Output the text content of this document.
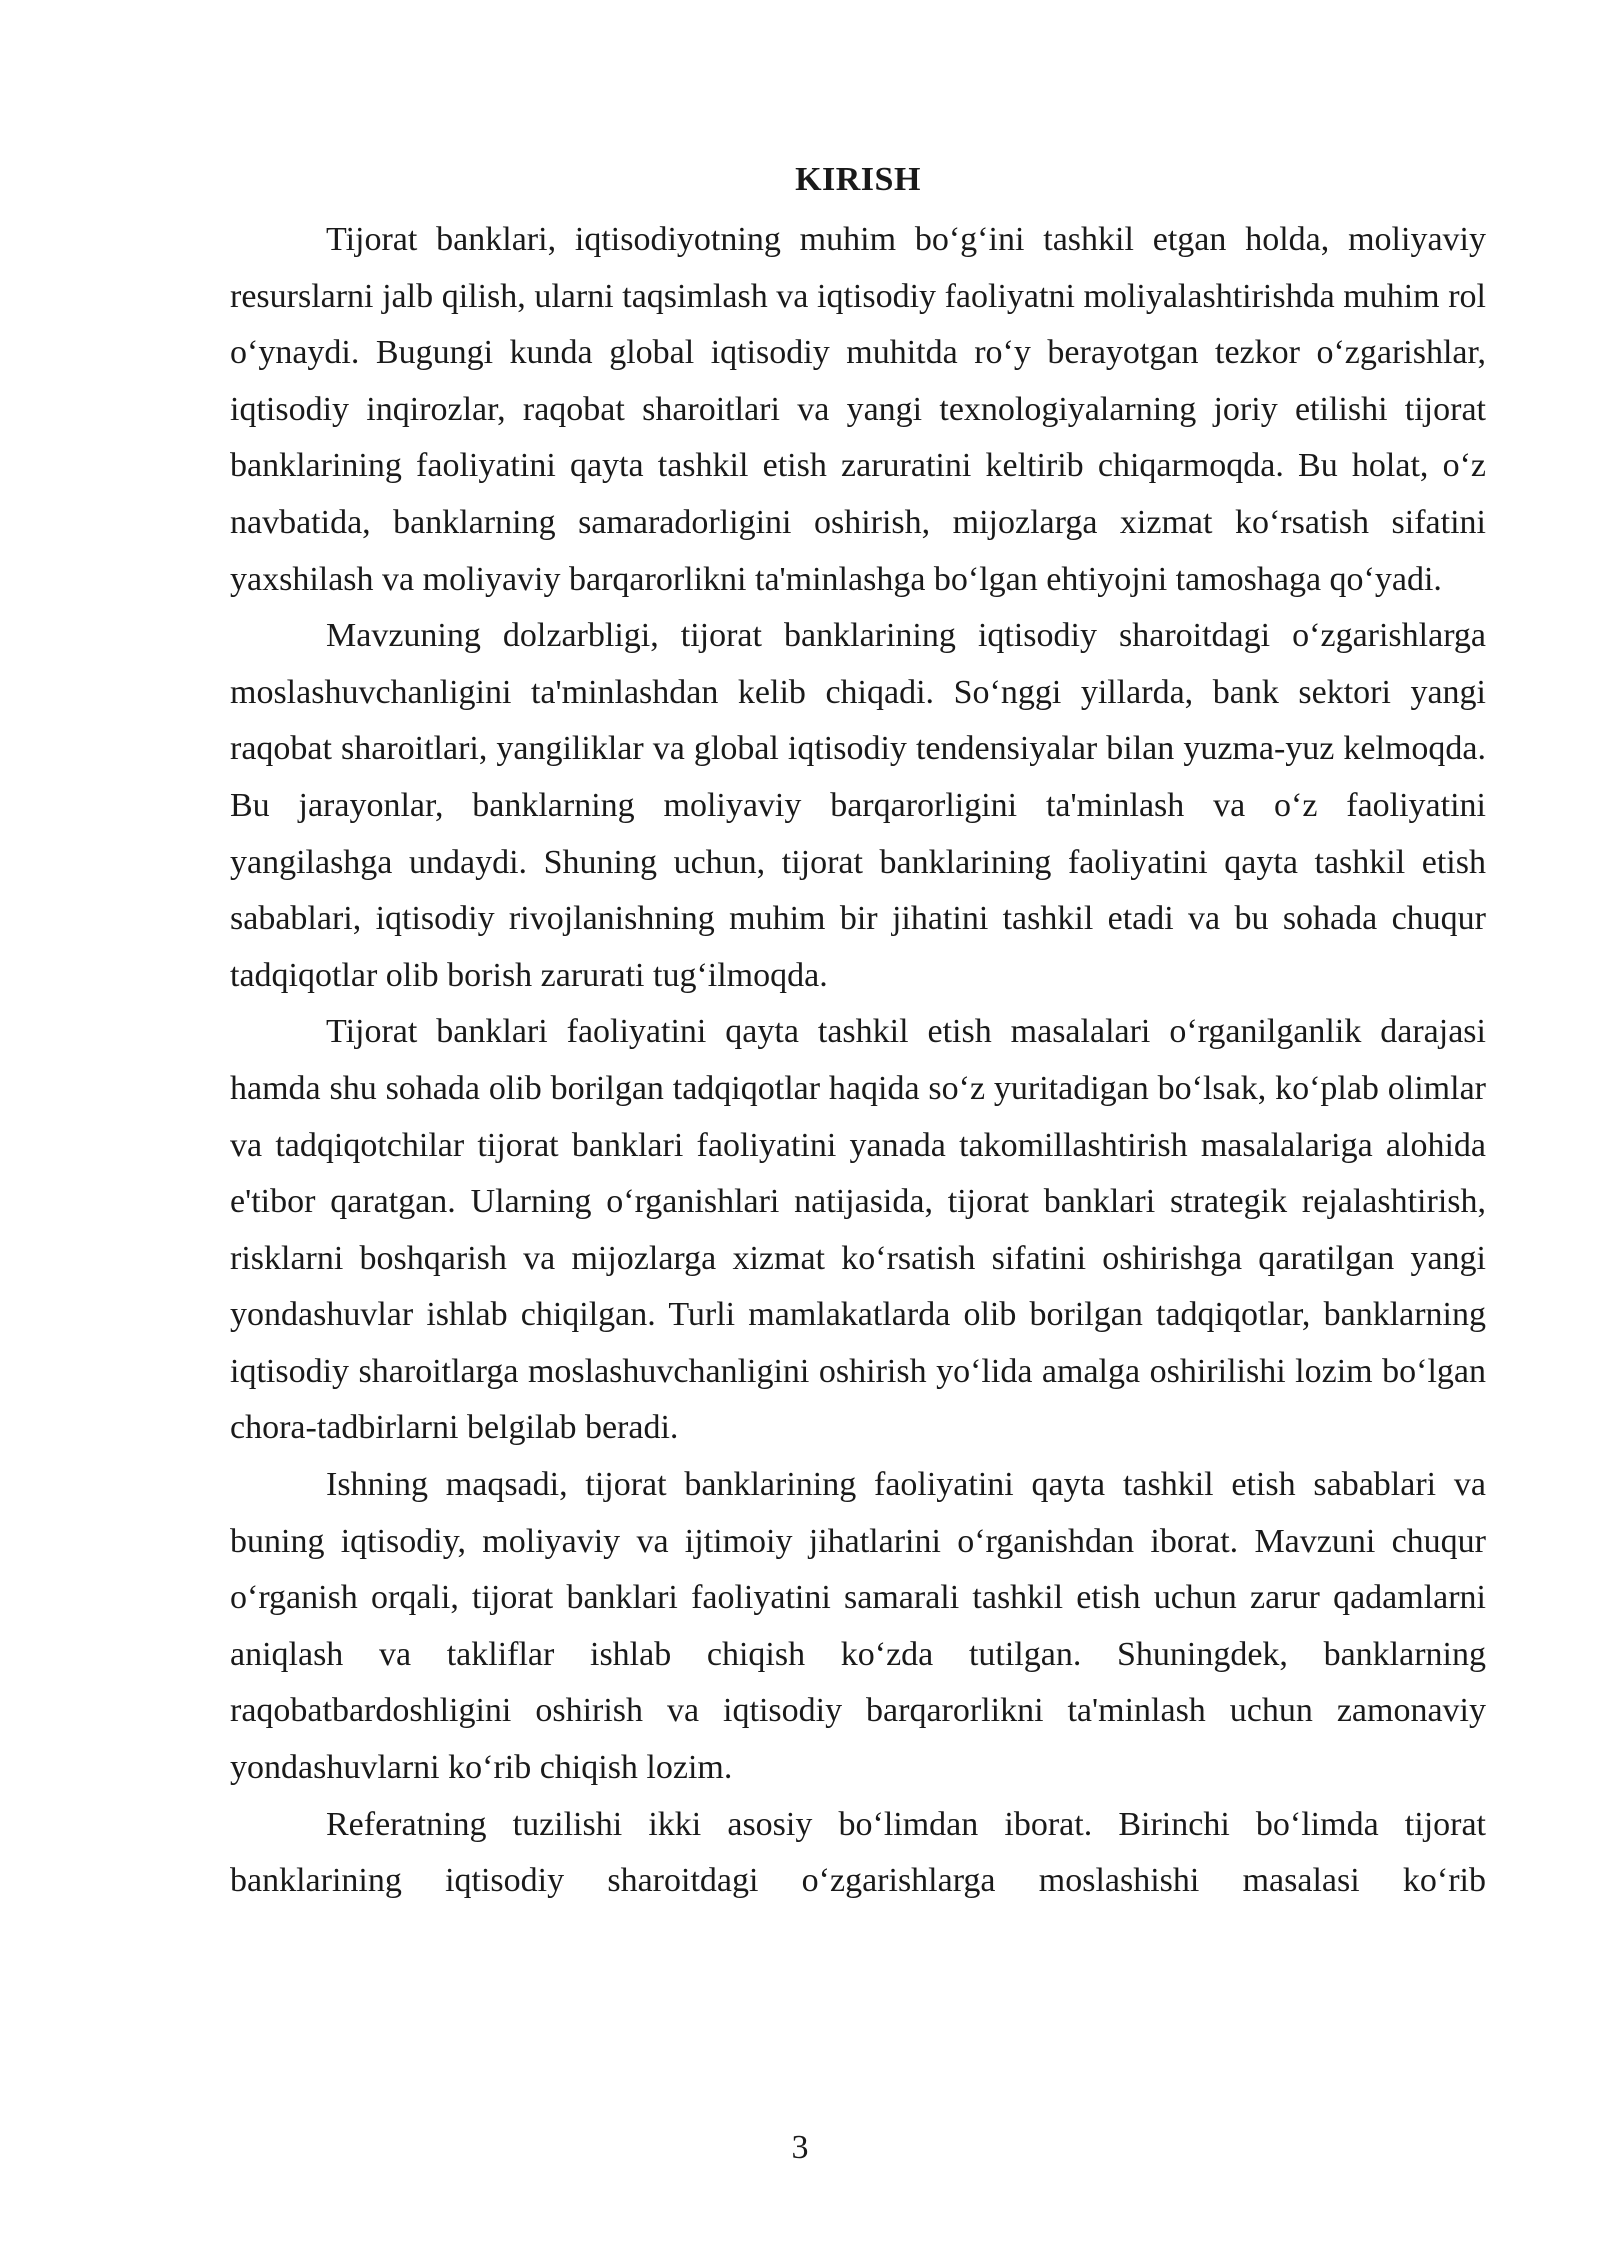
KIRISH

Tijorat banklari, iqtisodiyotning muhim bo‘g‘ini tashkil etgan holda, moliyaviy resurslarni jalb qilish, ularni taqsimlash va iqtisodiy faoliyatni moliyalashtirishda muhim rol o‘ynaydi. Bugungi kunda global iqtisodiy muhitda ro‘y berayotgan tezkor o‘zgarishlar, iqtisodiy inqirozlar, raqobat sharoitlari va yangi texnologiyalarning joriy etilishi tijorat banklarining faoliyatini qayta tashkil etish zaruratini keltirib chiqarmoqda. Bu holat, o‘z navbatida, banklarning samaradorligini oshirish, mijozlarga xizmat ko‘rsatish sifatini yaxshilash va moliyaviy barqarorlikni ta'minlashga bo‘lgan ehtiyojni tamoshaga qo‘yadi.

Mavzuning dolzarbligi, tijorat banklarining iqtisodiy sharoitdagi o‘zgarishlarga moslashuvchanligini ta'minlashdan kelib chiqadi. So‘nggi yillarda, bank sektori yangi raqobat sharoitlari, yangiliklar va global iqtisodiy tendensiyalar bilan yuzma-yuz kelmoqda. Bu jarayonlar, banklarning moliyaviy barqarorligini ta'minlash va o‘z faoliyatini yangilashga undaydi. Shuning uchun, tijorat banklarining faoliyatini qayta tashkil etish sabablari, iqtisodiy rivojlanishning muhim bir jihatini tashkil etadi va bu sohada chuqur tadqiqotlar olib borish zarurati tug‘ilmoqda.

Tijorat banklari faoliyatini qayta tashkil etish masalalari o‘rganilganlik darajasi hamda shu sohada olib borilgan tadqiqotlar haqida so‘z yuritadigan bo‘lsak, ko‘plab olimlar va tadqiqotchilar tijorat banklari faoliyatini yanada takomillashtirish masalalariga alohida e'tibor qaratgan. Ularning o‘rganishlari natijasida, tijorat banklari strategik rejalashtirish, risklarni boshqarish va mijozlarga xizmat ko‘rsatish sifatini oshirishga qaratilgan yangi yondashuvlar ishlab chiqilgan. Turli mamlakatlarda olib borilgan tadqiqotlar, banklarning iqtisodiy sharoitlarga moslashuvchanligini oshirish yo‘lida amalga oshirilishi lozim bo‘lgan chora-tadbirlarni belgilab beradi.

Ishning maqsadi, tijorat banklarining faoliyatini qayta tashkil etish sabablari va buning iqtisodiy, moliyaviy va ijtimoiy jihatlarini o‘rganishdan iborat. Mavzuni chuqur o‘rganish orqali, tijorat banklari faoliyatini samarali tashkil etish uchun zarur qadamlarni aniqlash va takliflar ishlab chiqish ko‘zda tutilgan. Shuningdek, banklarning raqobatbardoshligini oshirish va iqtisodiy barqarorlikni ta'minlash uchun zamonaviy yondashuvlarni ko‘rib chiqish lozim.

Referatning tuzilishi ikki asosiy bo‘limdan iborat. Birinchi bo‘limda tijorat banklarining iqtisodiy sharoitdagi o‘zgarishlarga moslashishi masalasi ko‘rib

3
